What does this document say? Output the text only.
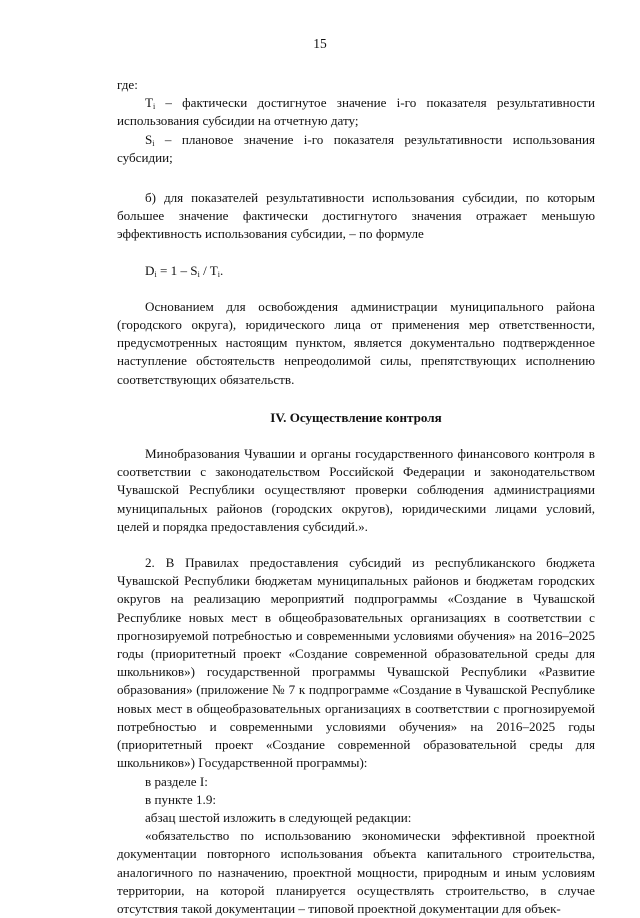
15

где:

$T_i$ – фактически достигнутое значение i-го показателя результативности использования субсидии на отчетную дату;

$S_i$ – плановое значение i-го показателя результативности использования субсидии;

б) для показателей результативности использования субсидии, по которым большее значение фактически достигнутого значения отражает меньшую эффективность использования субсидии, – по формуле

$D_i = 1 - S_i / T_i$.

Основанием для освобождения администрации муниципального района (городского округа), юридического лица от применения мер ответственности, предусмотренных настоящим пунктом, является документально подтвержденное наступление обстоятельств непреодолимой силы, препятствующих исполнению соответствующих обязательств.

IV. Осуществление контроля

Минобразования Чувашии и органы государственного финансового контроля в соответствии с законодательством Российской Федерации и законодательством Чувашской Республики осуществляют проверки соблюдения администрациями муниципальных районов (городских округов), юридическими лицами условий, целей и порядка предоставления субсидий.».

2. В Правилах предоставления субсидий из республиканского бюджета Чувашской Республики бюджетам муниципальных районов и бюджетам городских округов на реализацию мероприятий подпрограммы «Создание в Чувашской Республике новых мест в общеобразовательных организациях в соответствии с прогнозируемой потребностью и современными условиями обучения» на 2016–2025 годы (приоритетный проект «Создание современной образовательной среды для школьников») государственной программы Чувашской Республики «Развитие образования» (приложение № 7 к подпрограмме «Создание в Чувашской Республике новых мест в общеобразовательных организациях в соответствии с прогнозируемой потребностью и современными условиями обучения» на 2016–2025 годы (приоритетный проект «Создание современной образовательной среды для школьников») Государственной программы):

в разделе I:

в пункте 1.9:

абзац шестой изложить в следующей редакции:

«обязательство по использованию экономически эффективной проектной документации повторного использования объекта капитального строительства, аналогичного по назначению, проектной мощности, природным и иным условиям территории, на которой планируется осуществлять строительство, в случае отсутствия такой документации – типовой проектной документации для объек-
